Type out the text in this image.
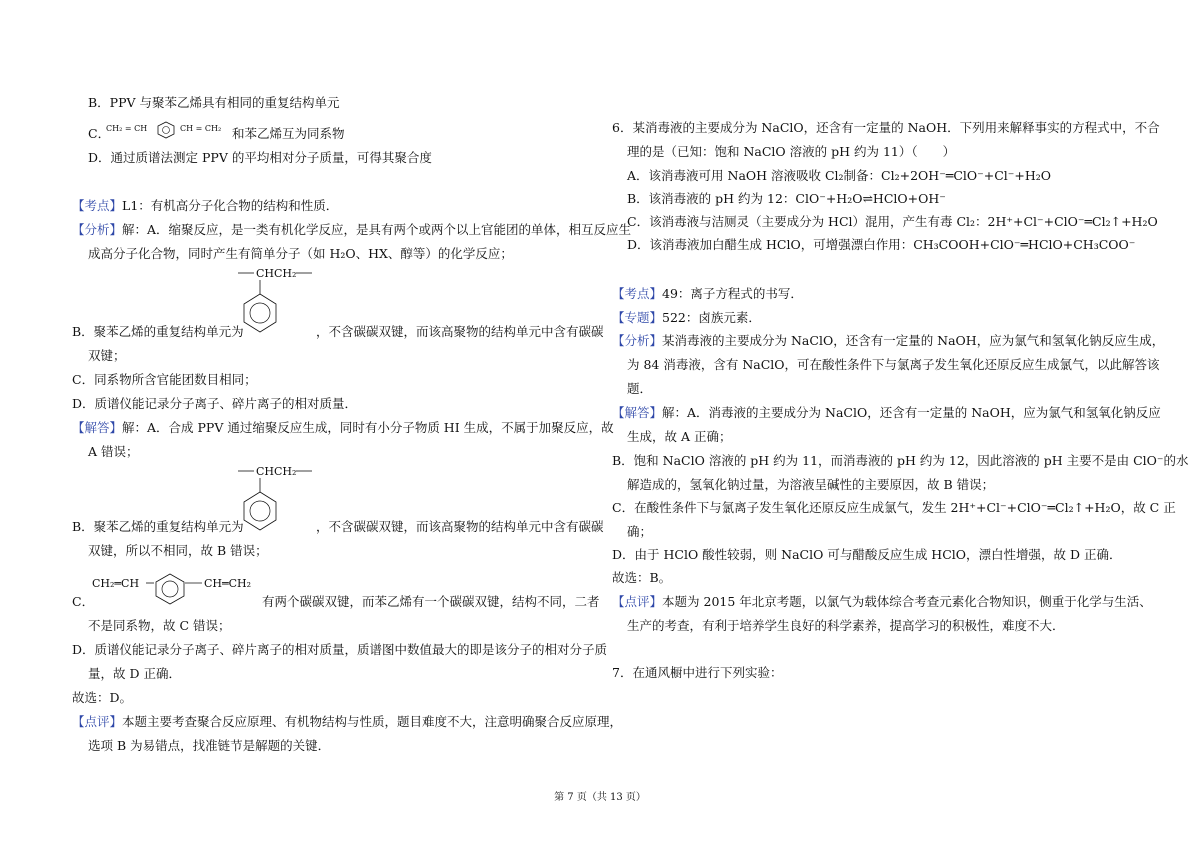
B．PPV 与聚苯乙烯具有相同的重复结构单元
C．
CH₂ = CH	CH = CH₂ 和苯乙烯互为同系物
D．通过质谱法测定 PPV 的平均相对分子质量，可得其聚合度
【考点】L1：有机高分子化合物的结构和性质．
【分析】解：A．缩聚反应，是一类有机化学反应，是具有两个或两个以上官能团的单体，相互反应生
成高分子化合物，同时产生有简单分子（如 H₂O、HX、醇等）的化学反应；
CHCH₂
B．聚苯乙烯的重复结构单元为	，不含碳碳双键，而该高聚物的结构单元中含有碳碳
双键；
C．同系物所含官能团数目相同；
D．质谱仪能记录分子离子、碎片离子的相对质量．
【解答】解：A．合成 PPV 通过缩聚反应生成，同时有小分子物质 HI 生成，不属于加聚反应，故
A 错误；
CHCH₂
B．聚苯乙烯的重复结构单元为	，不含碳碳双键，而该高聚物的结构单元中含有碳碳
双键，所以不相同，故 B 错误；
CH₂═CH	CH═CH₂
C．	有两个碳碳双键，而苯乙烯有一个碳碳双键，结构不同，二者
不是同系物，故 C 错误；
D．质谱仪能记录分子离子、碎片离子的相对质量，质谱图中数值最大的即是该分子的相对分子质
量，故 D 正确．
故选：D。
【点评】本题主要考查聚合反应原理、有机物结构与性质，题目难度不大，注意明确聚合反应原理，
选项 B 为易错点，找准链节是解题的关键．
6．某消毒液的主要成分为 NaClO，还含有一定量的 NaOH．下列用来解释事实的方程式中，不合
理的是（已知：饱和 NaClO 溶液的 pH 约为 11）（　　）
A．该消毒液可用 NaOH 溶液吸收 Cl₂制备：Cl₂+2OH⁻═ClO⁻+Cl⁻+H₂O
B．该消毒液的 pH 约为 12：ClO⁻+H₂O⇌HClO+OH⁻
C．该消毒液与洁厕灵（主要成分为 HCl）混用，产生有毒 Cl₂：2H⁺+Cl⁻+ClO⁻═Cl₂↑+H₂O
D．该消毒液加白醋生成 HClO，可增强漂白作用：CH₃COOH+ClO⁻═HClO+CH₃COO⁻
【考点】49：离子方程式的书写．
【专题】522：卤族元素．
【分析】某消毒液的主要成分为 NaClO，还含有一定量的 NaOH，应为氯气和氢氧化钠反应生成，
为 84 消毒液，含有 NaClO，可在酸性条件下与氯离子发生氧化还原反应生成氯气，以此解答该
题．
【解答】解：A．消毒液的主要成分为 NaClO，还含有一定量的 NaOH，应为氯气和氢氧化钠反应
生成，故 A 正确；
B．饱和 NaClO 溶液的 pH 约为 11，而消毒液的 pH 约为 12，因此溶液的 pH 主要不是由 ClO⁻的水
解造成的，氢氧化钠过量，为溶液呈碱性的主要原因，故 B 错误；
C．在酸性条件下与氯离子发生氧化还原反应生成氯气，发生 2H⁺+Cl⁻+ClO⁻═Cl₂↑+H₂O，故 C 正
确；
D．由于 HClO 酸性较弱，则 NaClO 可与醋酸反应生成 HClO，漂白性增强，故 D 正确．
故选：B。
【点评】本题为 2015 年北京考题，以氯气为载体综合考查元素化合物知识，侧重于化学与生活、
生产的考查，有利于培养学生良好的科学素养，提高学习的积极性，难度不大．
7．在通风橱中进行下列实验：
第 7 页（共 13 页）
